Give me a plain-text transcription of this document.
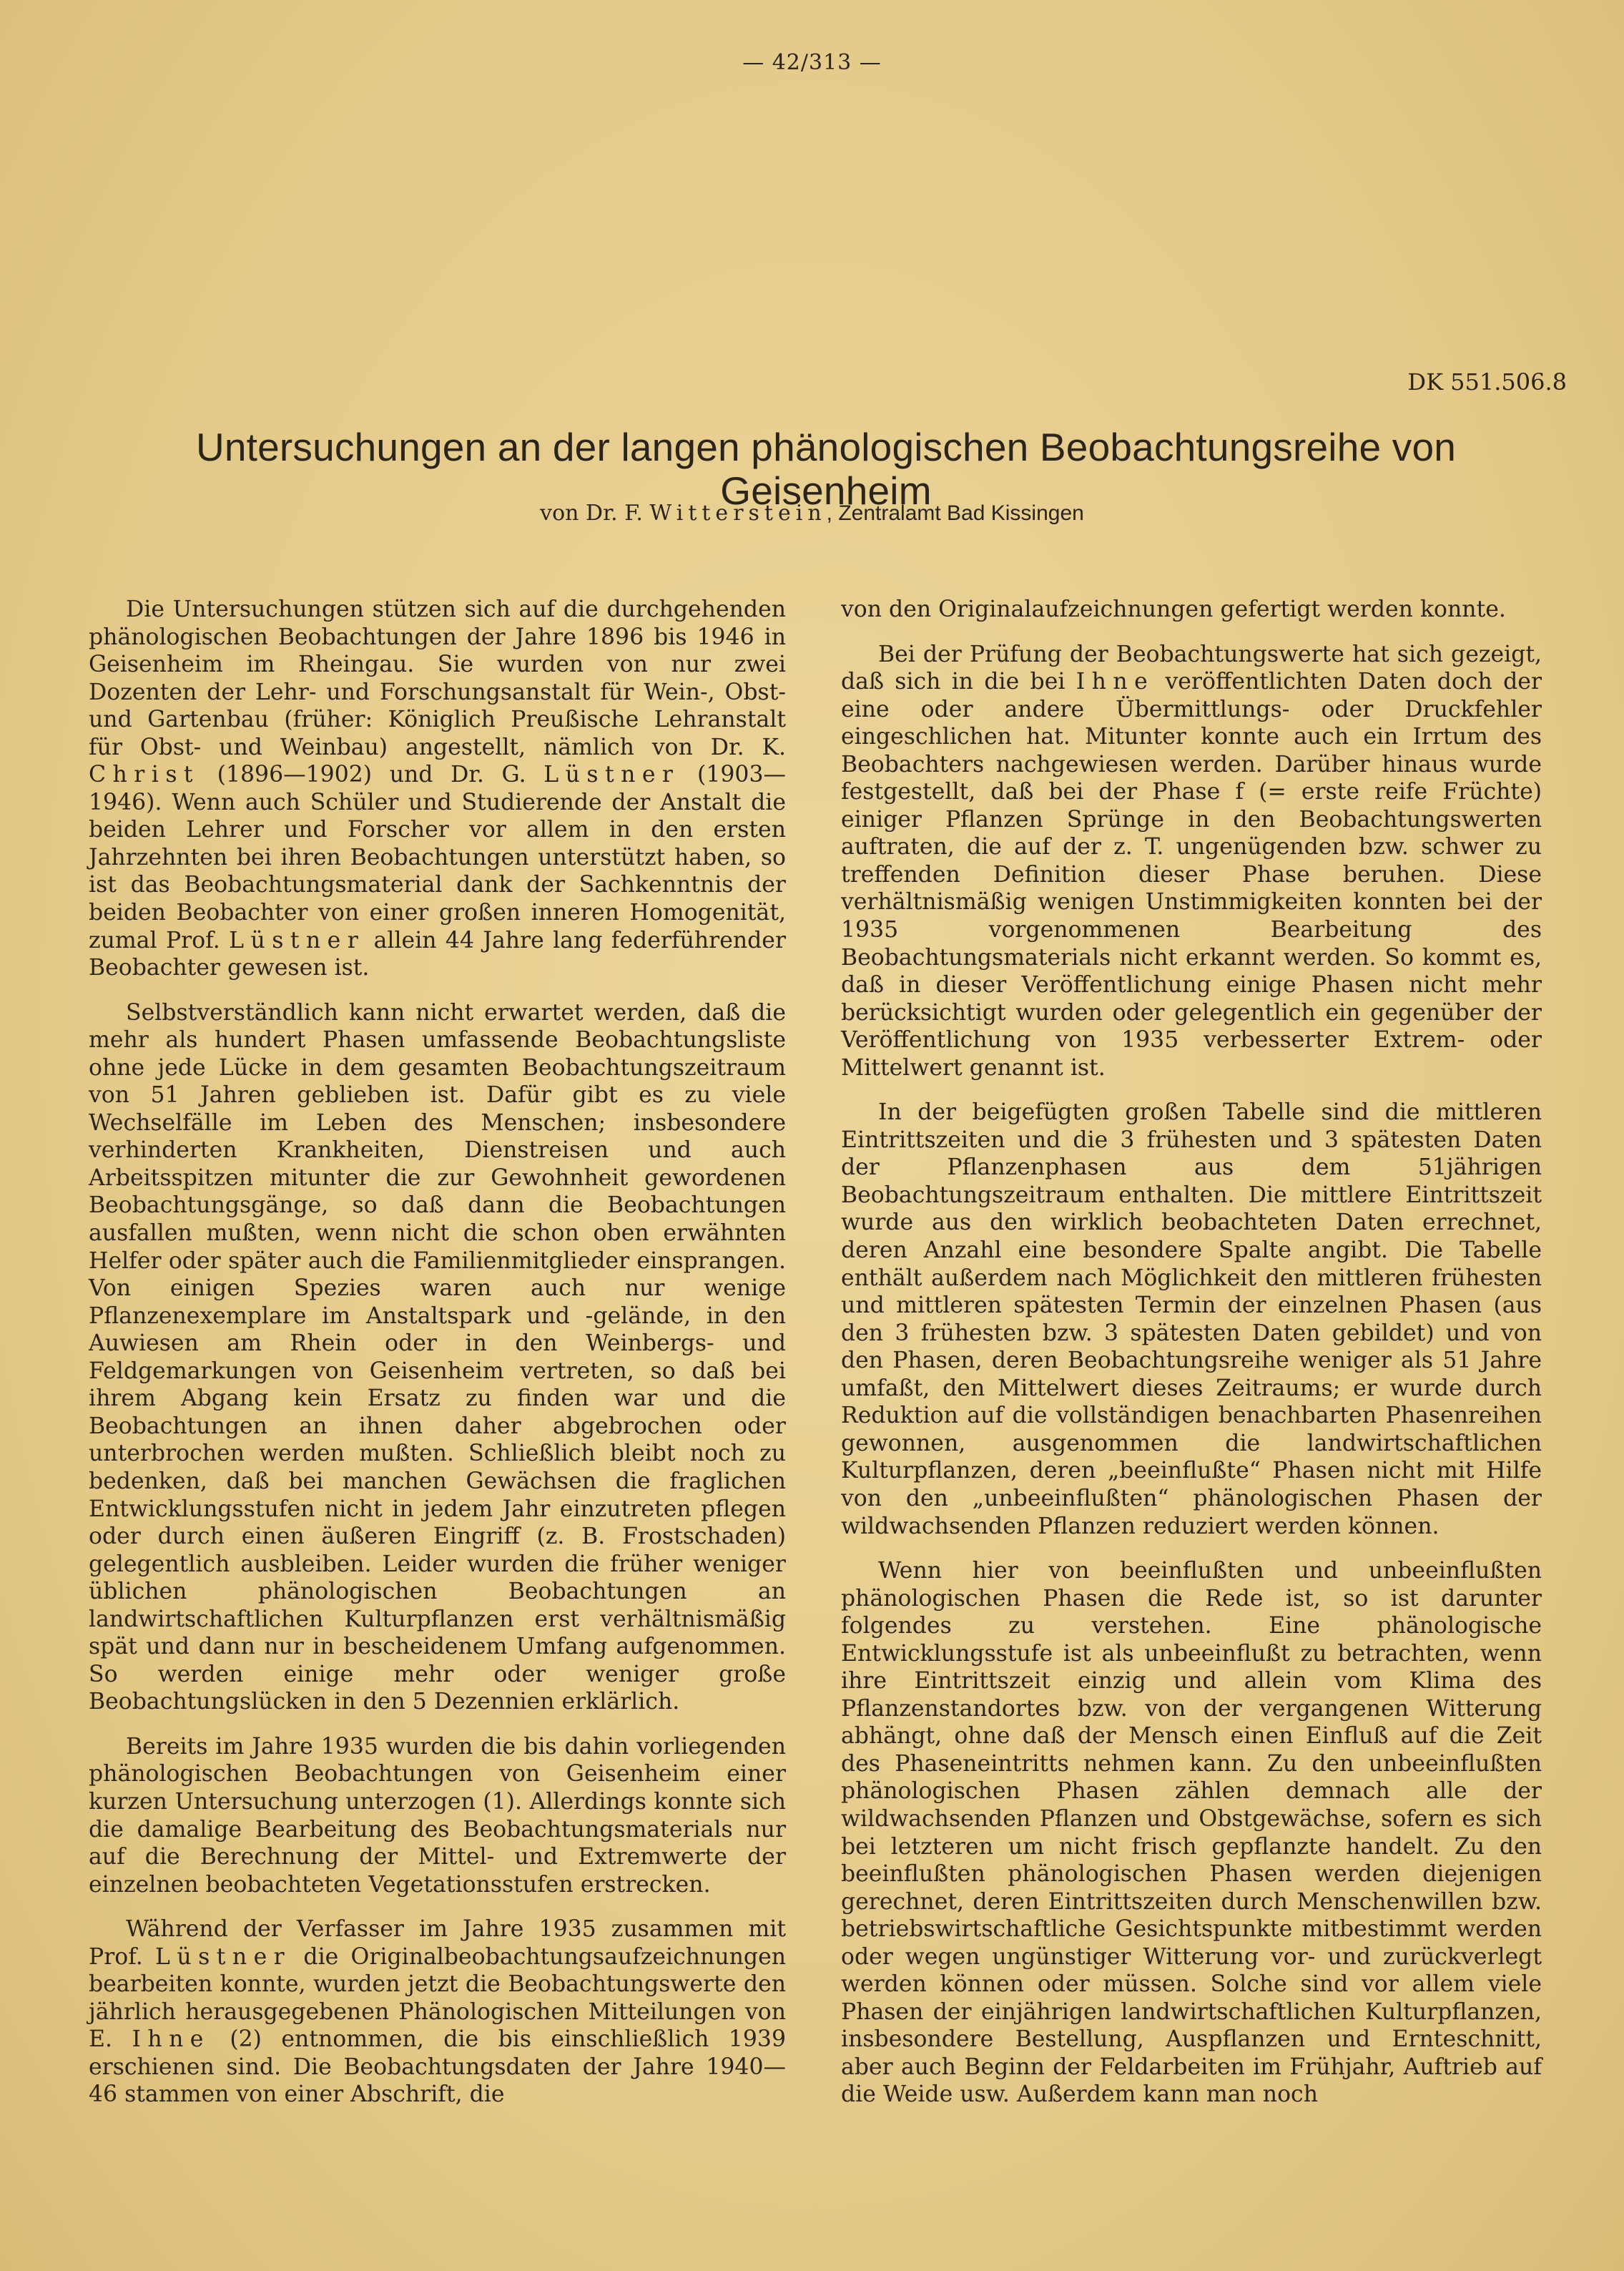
— 42/313 —
DK 551.506.8
Untersuchungen an der langen phänologischen Beobachtungsreihe von Geisenheim
von Dr. F. Witterstein, Zentralamt Bad Kissingen

Die Untersuchungen stützen sich auf die durchgehenden phänologischen Beobachtungen der Jahre 1896 bis 1946 in Geisenheim im Rheingau. Sie wurden von nur zwei Dozenten der Lehr- und Forschungsanstalt für Wein-, Obst- und Gartenbau (früher: Königlich Preußische Lehranstalt für Obst- und Weinbau) angestellt, nämlich von Dr. K. Christ (1896—1902) und Dr. G. Lüstner (1903—1946). Wenn auch Schüler und Studierende der Anstalt die beiden Lehrer und Forscher vor allem in den ersten Jahrzehnten bei ihren Beobachtungen unterstützt haben, so ist das Beobachtungsmaterial dank der Sachkenntnis der beiden Beobachter von einer großen inneren Homogenität, zumal Prof. Lüstner allein 44 Jahre lang federführender Beobachter gewesen ist.

Selbstverständlich kann nicht erwartet werden, daß die mehr als hundert Phasen umfassende Beobachtungsliste ohne jede Lücke in dem gesamten Beobachtungszeitraum von 51 Jahren geblieben ist. Dafür gibt es zu viele Wechselfälle im Leben des Menschen; insbesondere verhinderten Krankheiten, Dienstreisen und auch Arbeitsspitzen mitunter die zur Gewohnheit gewordenen Beobachtungsgänge, so daß dann die Beobachtungen ausfallen mußten, wenn nicht die schon oben erwähnten Helfer oder später auch die Familienmitglieder einsprangen. Von einigen Spezies waren auch nur wenige Pflanzenexemplare im Anstaltspark und -gelände, in den Auwiesen am Rhein oder in den Weinbergs- und Feldgemarkungen von Geisenheim vertreten, so daß bei ihrem Abgang kein Ersatz zu finden war und die Beobachtungen an ihnen daher abgebrochen oder unterbrochen werden mußten. Schließlich bleibt noch zu bedenken, daß bei manchen Gewächsen die fraglichen Entwicklungsstufen nicht in jedem Jahr einzutreten pflegen oder durch einen äußeren Eingriff (z. B. Frostschaden) gelegentlich ausbleiben. Leider wurden die früher weniger üblichen phänologischen Beobachtungen an landwirtschaftlichen Kulturpflanzen erst verhältnismäßig spät und dann nur in bescheidenem Umfang aufgenommen. So werden einige mehr oder weniger große Beobachtungslücken in den 5 Dezennien erklärlich.

Bereits im Jahre 1935 wurden die bis dahin vorliegenden phänologischen Beobachtungen von Geisenheim einer kurzen Untersuchung unterzogen (1). Allerdings konnte sich die damalige Bearbeitung des Beobachtungsmaterials nur auf die Berechnung der Mittel- und Extremwerte der einzelnen beobachteten Vegetationsstufen erstrecken.

Während der Verfasser im Jahre 1935 zusammen mit Prof. Lüstner die Originalbeobachtungsaufzeichnungen bearbeiten konnte, wurden jetzt die Beobachtungswerte den jährlich herausgegebenen Phänologischen Mitteilungen von E. Ihne (2) entnommen, die bis einschließlich 1939 erschienen sind. Die Beobachtungsdaten der Jahre 1940—46 stammen von einer Abschrift, die

von den Originalaufzeichnungen gefertigt werden konnte.

Bei der Prüfung der Beobachtungswerte hat sich gezeigt, daß sich in die bei Ihne veröffentlichten Daten doch der eine oder andere Übermittlungs- oder Druckfehler eingeschlichen hat. Mitunter konnte auch ein Irrtum des Beobachters nachgewiesen werden. Darüber hinaus wurde festgestellt, daß bei der Phase f (= erste reife Früchte) einiger Pflanzen Sprünge in den Beobachtungswerten auftraten, die auf der z. T. ungenügenden bzw. schwer zu treffenden Definition dieser Phase beruhen. Diese verhältnismäßig wenigen Unstimmigkeiten konnten bei der 1935 vorgenommenen Bearbeitung des Beobachtungsmaterials nicht erkannt werden. So kommt es, daß in dieser Veröffentlichung einige Phasen nicht mehr berücksichtigt wurden oder gelegentlich ein gegenüber der Veröffentlichung von 1935 verbesserter Extrem- oder Mittelwert genannt ist.

In der beigefügten großen Tabelle sind die mittleren Eintrittszeiten und die 3 frühesten und 3 spätesten Daten der Pflanzenphasen aus dem 51jährigen Beobachtungszeitraum enthalten. Die mittlere Eintrittszeit wurde aus den wirklich beobachteten Daten errechnet, deren Anzahl eine besondere Spalte angibt. Die Tabelle enthält außerdem nach Möglichkeit den mittleren frühesten und mittleren spätesten Termin der einzelnen Phasen (aus den 3 frühesten bzw. 3 spätesten Daten gebildet) und von den Phasen, deren Beobachtungsreihe weniger als 51 Jahre umfaßt, den Mittelwert dieses Zeitraums; er wurde durch Reduktion auf die vollständigen benachbarten Phasenreihen gewonnen, ausgenommen die landwirtschaftlichen Kulturpflanzen, deren „beeinflußte“ Phasen nicht mit Hilfe von den „unbeeinflußten“ phänologischen Phasen der wildwachsenden Pflanzen reduziert werden können.

Wenn hier von beeinflußten und unbeeinflußten phänologischen Phasen die Rede ist, so ist darunter folgendes zu verstehen. Eine phänologische Entwicklungsstufe ist als unbeeinflußt zu betrachten, wenn ihre Eintrittszeit einzig und allein vom Klima des Pflanzenstandortes bzw. von der vergangenen Witterung abhängt, ohne daß der Mensch einen Einfluß auf die Zeit des Phaseneintritts nehmen kann. Zu den unbeeinflußten phänologischen Phasen zählen demnach alle der wildwachsenden Pflanzen und Obstgewächse, sofern es sich bei letzteren um nicht frisch gepflanzte handelt. Zu den beeinflußten phänologischen Phasen werden diejenigen gerechnet, deren Eintrittszeiten durch Menschenwillen bzw. betriebswirtschaftliche Gesichtspunkte mitbestimmt werden oder wegen ungünstiger Witterung vor- und zurückverlegt werden können oder müssen. Solche sind vor allem viele Phasen der einjährigen landwirtschaftlichen Kulturpflanzen, insbesondere Bestellung, Auspflanzen und Ernteschnitt, aber auch Beginn der Feldarbeiten im Frühjahr, Auftrieb auf die Weide usw. Außerdem kann man noch
